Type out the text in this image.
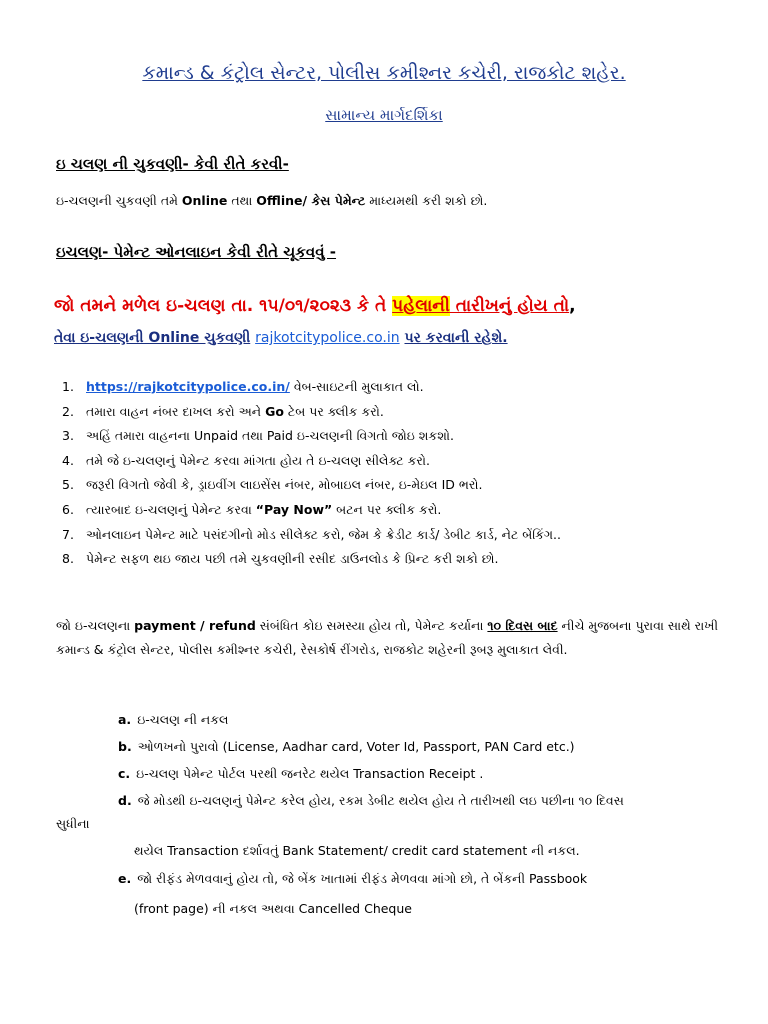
કમાન્ડ & કંટ્રોલ સેન્ટર, પોલીસ કમીશ્નર કચેરી, રાજકોટ શહેર.
સામાન્ય માર્ગદર્શિકા
ઇ ચલણ ની ચુકવણી- કેવી રીતે કરવી-
ઇ-ચલણની ચુકવણી તમે Online તથા Offline/ કેસ પેમેન્ટ માધ્યમથી કરી શકો છો.
ઇચલણ- પેમેન્ટ ઓનલાઇન કેવી રીતે ચૂકવવું -
જો તમને મળેલ ઇ-ચલણ તા. ૧૫/૦૧/૨૦૨૩ કે તે પહેલાની તારીખનું હોય તો,
તેવા ઇ-ચલણની Online ચુકવણી rajkotcitypolice.co.in પર કરવાની રહેશે.
1. https://rajkotcitypolice.co.in/ વેબ-સાઇટની મુલાકાત લો.
2. તમારા વાહન નંબર દાખલ કરો અને Go ટેબ પર ક્લીક કરો.
3. અહિં તમારા વાહનના Unpaid તથા Paid ઇ-ચલણની વિગતો જોઇ શકશો.
4. તમે જે ઇ-ચલણનું પેમેન્ટ કરવા માંગતા હોય તે ઇ-ચલણ સીલેક્ટ કરો.
5. જરૂરી વિગતો જેવી કે, ડ્રાઇવીંગ લાઇસેંસ નંબર, મોબાઇલ નંબર, ઇ-મેઇલ ID ભરો.
6. ત્યારબાદ ઇ-ચલણનું પેમેન્ટ કરવા “Pay Now” બટન પર ક્લીક કરો.
7. ઓનલાઇન પેમેન્ટ માટે પસંદગીનો મોડ સીલેક્ટ કરો, જેમ કે ક્રેડીટ કાર્ડ/ ડેબીટ કાર્ડ, નેટ બેંકિંગ..
8. પેમેન્ટ સફળ થઇ જાય પછી તમે ચુકવણીની રસીદ ડાઉનલોડ કે પ્રિન્ટ કરી શકો છો.
જો ઇ-ચલણના payment / refund સંબંધિત કોઇ સમસ્યા હોય તો, પેમેન્ટ કર્યાના ૧૦ દિવસ બાદ નીચે મુજબના પુરાવા સાથે રાખી કમાન્ડ & કંટ્રોલ સેન્ટર, પોલીસ કમીશ્નર કચેરી, રેસકોર્ષ રીંગરોડ, રાજકોટ શહેરની રૂબરૂ મુલાકાત લેવી.
a. ઇ-ચલણ ની નકલ
b. ઓળખનો પુરાવો (License, Aadhar card, Voter Id, Passport, PAN Card etc.)
c. ઇ-ચલણ પેમેન્ટ પોર્ટલ પરથી જનરેટ થયેલ Transaction Receipt .
d. જે મોડથી ઇ-ચલણનું પેમેન્ટ કરેલ હોય, રકમ ડેબીટ થયેલ હોય તે તારીખથી લઇ પછીના ૧૦ દિવસ
સુધીના
થયેલ Transaction દર્શાવતું Bank Statement/ credit card statement ની નકલ.
e. જો રીફંડ મેળવવાનું હોય તો, જે બેંક ખાતામાં રીફંડ મેળવવા માંગો છો, તે બેંકની Passbook
(front page) ની નકલ અથવા Cancelled Cheque
